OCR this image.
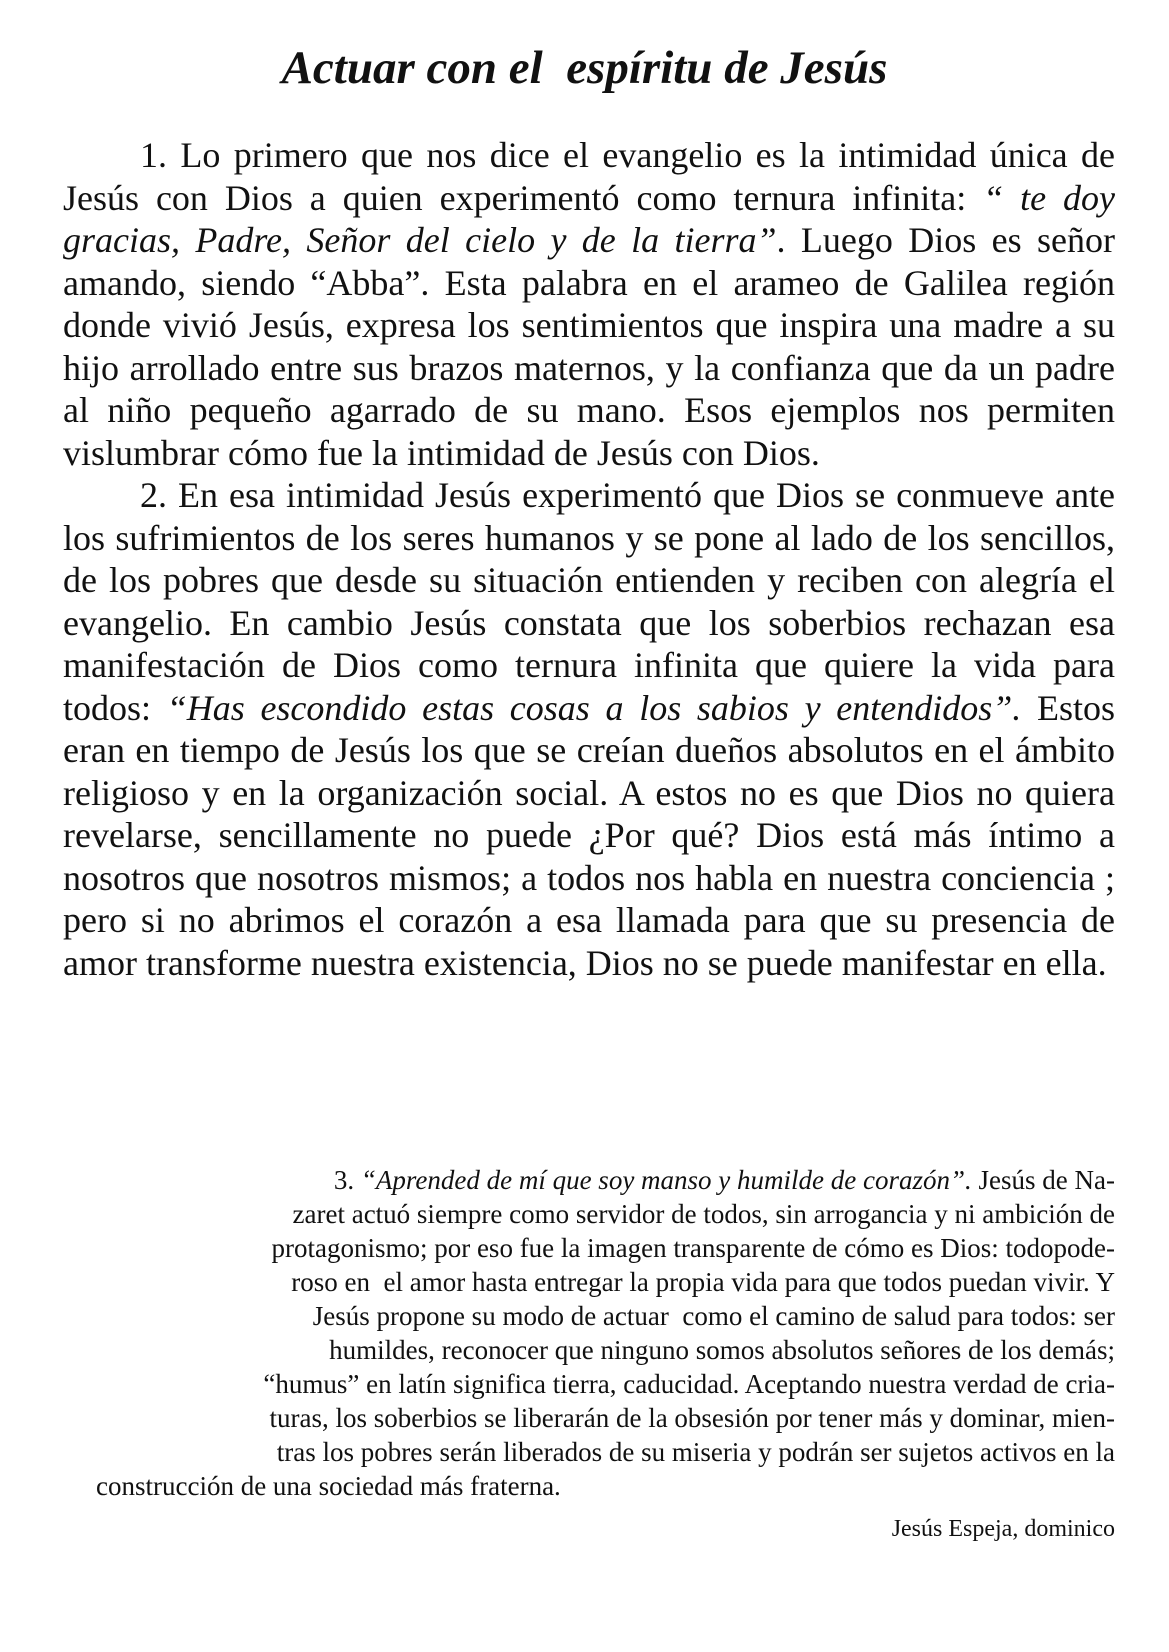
Actuar con el  espíritu de Jesús

1. Lo primero que nos dice el evangelio es la intimidad única de Jesús con Dios a quien experimentó como ternura infinita: “ te doy gracias, Padre, Señor del cielo y de la tierra”. Luego Dios es señor amando, siendo “Abba”. Esta palabra en el arameo de Galilea región donde vivió Jesús, expresa los sentimientos que inspira una madre a su hijo arrollado entre sus brazos maternos, y la confianza que da un padre al niño pequeño agarrado de su mano. Esos ejemplos nos permiten vislumbrar cómo fue la intimidad de Jesús con Dios.

2. En esa intimidad Jesús experimentó que Dios se conmueve ante los sufrimientos de los seres humanos y se pone al lado de los sencillos, de los pobres que desde su situación entienden y reciben con alegría el evangelio. En cambio Jesús constata que los soberbios rechazan esa manifestación de Dios como ternura infinita que quiere la vida para todos: “Has escondido estas cosas a los sabios y entendidos”. Estos eran en tiempo de Jesús los que se creían dueños absolutos en el ámbito religioso y en la organización social. A estos no es que Dios no quiera revelarse, sencillamente no puede ¿Por qué? Dios está más íntimo a nosotros que nosotros mismos; a todos nos habla en nuestra conciencia ; pero si no abrimos el corazón a esa llamada para que su presencia de amor transforme nuestra existencia, Dios no se puede manifestar en ella.

3. “Aprended de mí que soy manso y humilde de corazón”. Jesús de Na-
zaret actuó siempre como servidor de todos, sin arrogancia y ni ambición de
protagonismo; por eso fue la imagen transparente de cómo es Dios: todopode-
roso en  el amor hasta entregar la propia vida para que todos puedan vivir. Y
Jesús propone su modo de actuar  como el camino de salud para todos: ser
humildes, reconocer que ninguno somos absolutos señores de los demás;
“humus” en latín significa tierra, caducidad. Aceptando nuestra verdad de cria-
turas, los soberbios se liberarán de la obsesión por tener más y dominar, mien-
tras los pobres serán liberados de su miseria y podrán ser sujetos activos en la
construcción de una sociedad más fraterna.
Jesús Espeja, dominico
